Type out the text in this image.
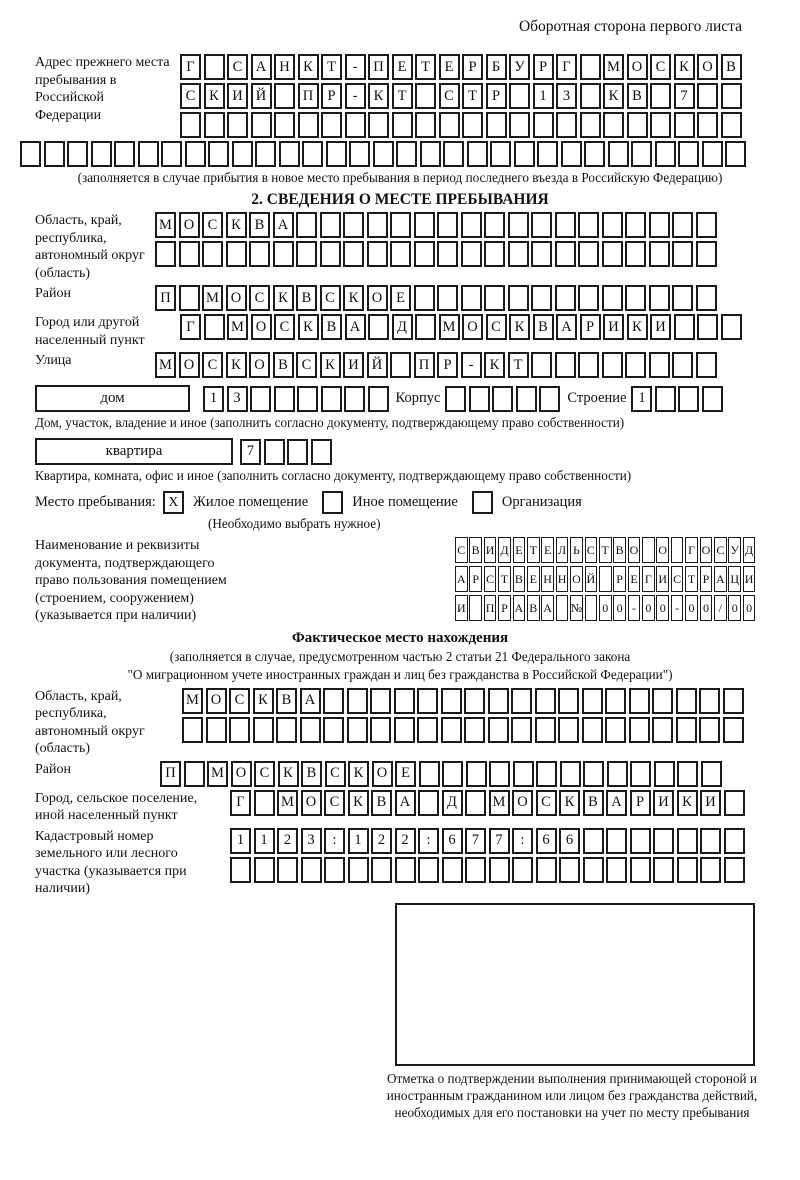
Оборотная сторона первого листа
Адрес прежнего места пребывания в Российской Федерации
Г	С А Н К Т	-	П Е	Т	Е	Р	Б У Р	Г	М О С К О В
С К И Й	П Р	-	К Т	С Т	Р	1	3	К В	7
(заполняется в случае прибытия в новое место пребывания в период последнего въезда в Российскую Федерацию)
2. СВЕДЕНИЯ О МЕСТЕ ПРЕБЫВАНИЯ
Область, край, республика, автономный округ (область)
М О С К В А
Район	П	М О С К В С К О Е
Город или другой населенный пункт
Г	М О С К В А	Д	М О С К В А Р И К И
Улица	М О С К О В С К И Й	П Р	-	К Т
дом	1	3	Корпус	Строение 1
Дом, участок, владение и иное (заполнить согласно документу, подтверждающему право собственности)
квартира	7
Квартира, комната, офис и иное (заполнить согласно документу, подтверждающему право собственности)
Место пребывания: X Жилое помещение	Иное помещение	Организация
(Необходимо выбрать нужное)
Наименование и реквизиты документа, подтверждающего право пользования помещением (строением, сооружением) (указывается при наличии)
С В И Д Е Т Е Л Ь С Т В О О Г О С У Д
А Р С Т В Е Н Н О Й Р Е Г И С Т Р А Ц И
И П Р А В А № 0 0 - 0 0 - 0 0 / 0 0
Фактическое место нахождения
(заполняется в случае, предусмотренном частью 2 статьи 21 Федерального закона
"О миграционном учете иностранных граждан и лиц без гражданства в Российской Федерации")
Область, край, республика, автономный округ (область)
М О С К В А
Район	П	М О С К В С К О Е
Город, сельское поселение, иной населенный пункт
Г	М О С К В А	Д	М О С К В А Р И К И
Кадастровый номер земельного или лесного участка (указывается при наличии)
1	1	2	3	:	1	2	2	:	6	7	7	:	6	6
Отметка о подтверждении выполнения принимающей стороной и иностранным гражданином или лицом без гражданства действий, необходимых для его постановки на учет по месту пребывания
